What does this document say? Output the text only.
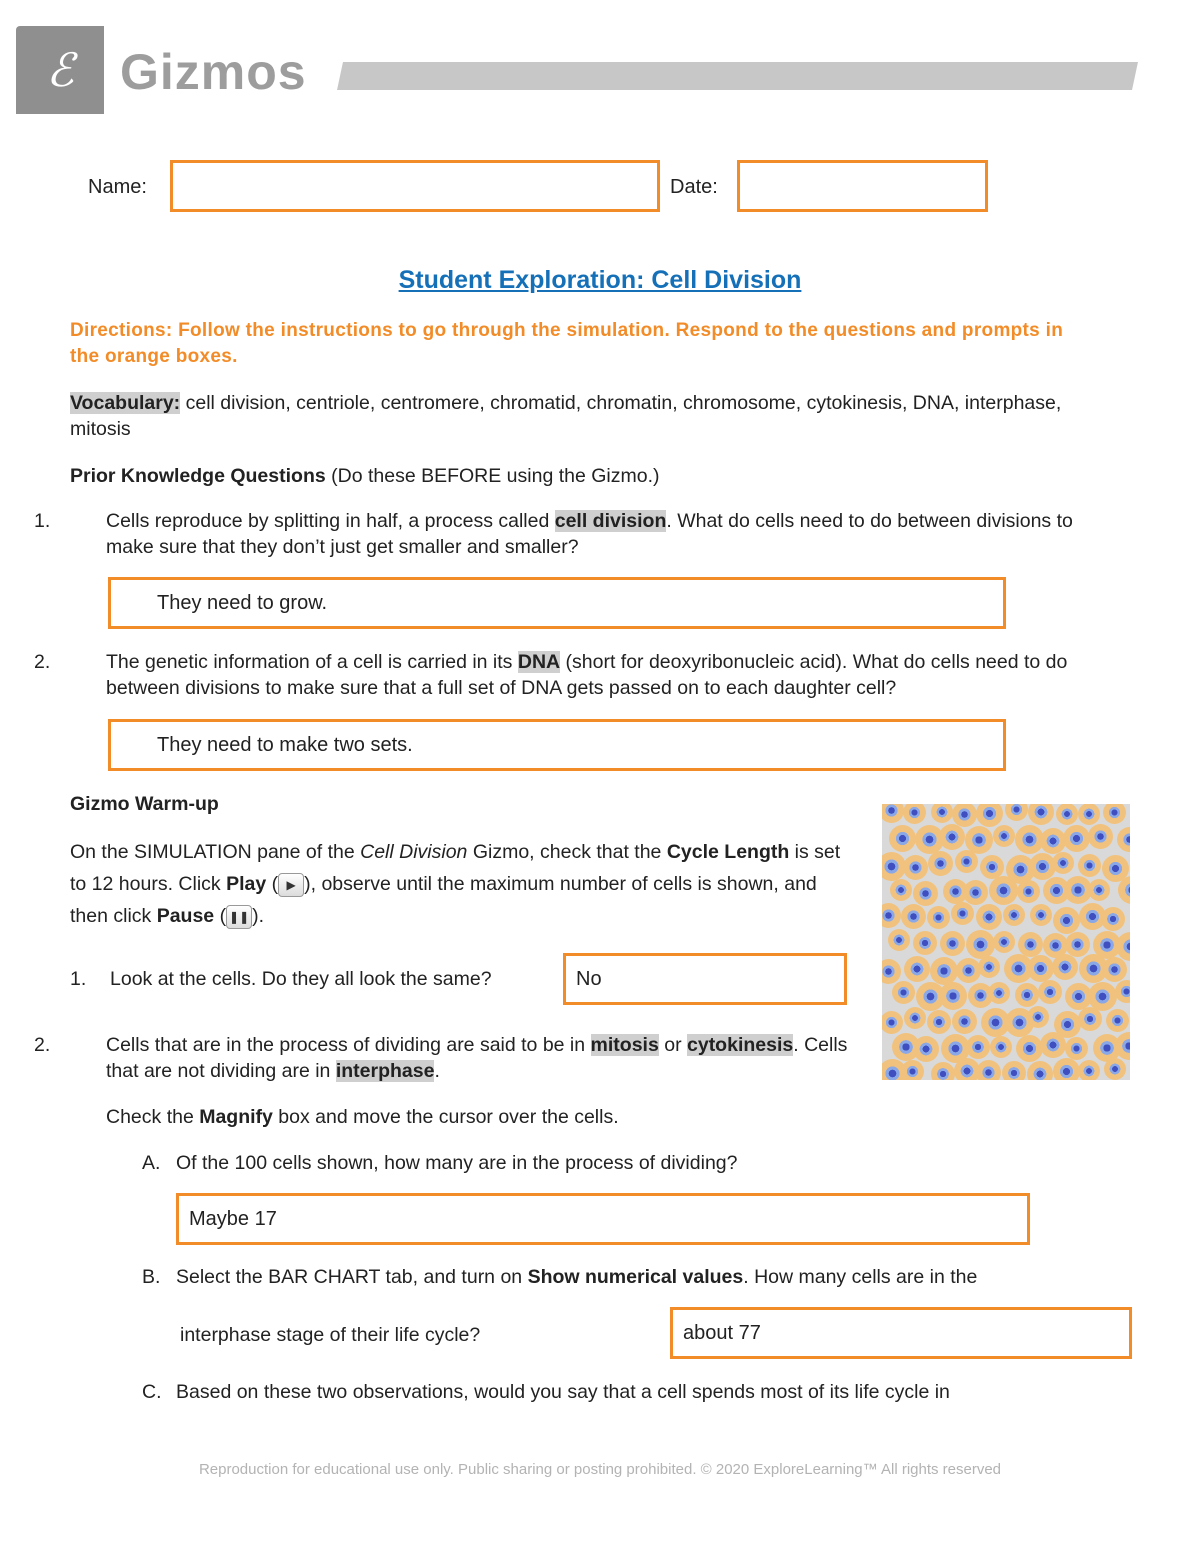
ℰ Gizmos
Name:	Date:
Student Exploration: Cell Division
Directions: Follow the instructions to go through the simulation. Respond to the questions and prompts in the orange boxes.
Vocabulary: cell division, centriole, centromere, chromatid, chromatin, chromosome, cytokinesis, DNA, interphase, mitosis
Prior Knowledge Questions (Do these BEFORE using the Gizmo.)
1.	Cells reproduce by splitting in half, a process called cell division. What do cells need to do between divisions to make sure that they don’t just get smaller and smaller?
They need to grow.
2.	The genetic information of a cell is carried in its DNA (short for deoxyribonucleic acid). What do cells need to do between divisions to make sure that a full set of DNA gets passed on to each daughter cell?
They need to make two sets.
Gizmo Warm-up
On the SIMULATION pane of the Cell Division Gizmo, check that the Cycle Length is set to 12 hours. Click Play ( ▶ ), observe until the maximum number of cells is shown, and then click Pause ( ❚❚ ).
1. Look at the cells. Do they all look the same?	No
2.	Cells that are in the process of dividing are said to be in mitosis or cytokinesis. Cells that are not dividing are in interphase.
Check the Magnify box and move the cursor over the cells.
A. Of the 100 cells shown, how many are in the process of dividing?
Maybe 17
B. Select the BAR CHART tab, and turn on Show numerical values. How many cells are in the
interphase stage of their life cycle?	about 77
C. Based on these two observations, would you say that a cell spends most of its life cycle in
Reproduction for educational use only. Public sharing or posting prohibited. © 2020 ExploreLearning™ All rights reserved
